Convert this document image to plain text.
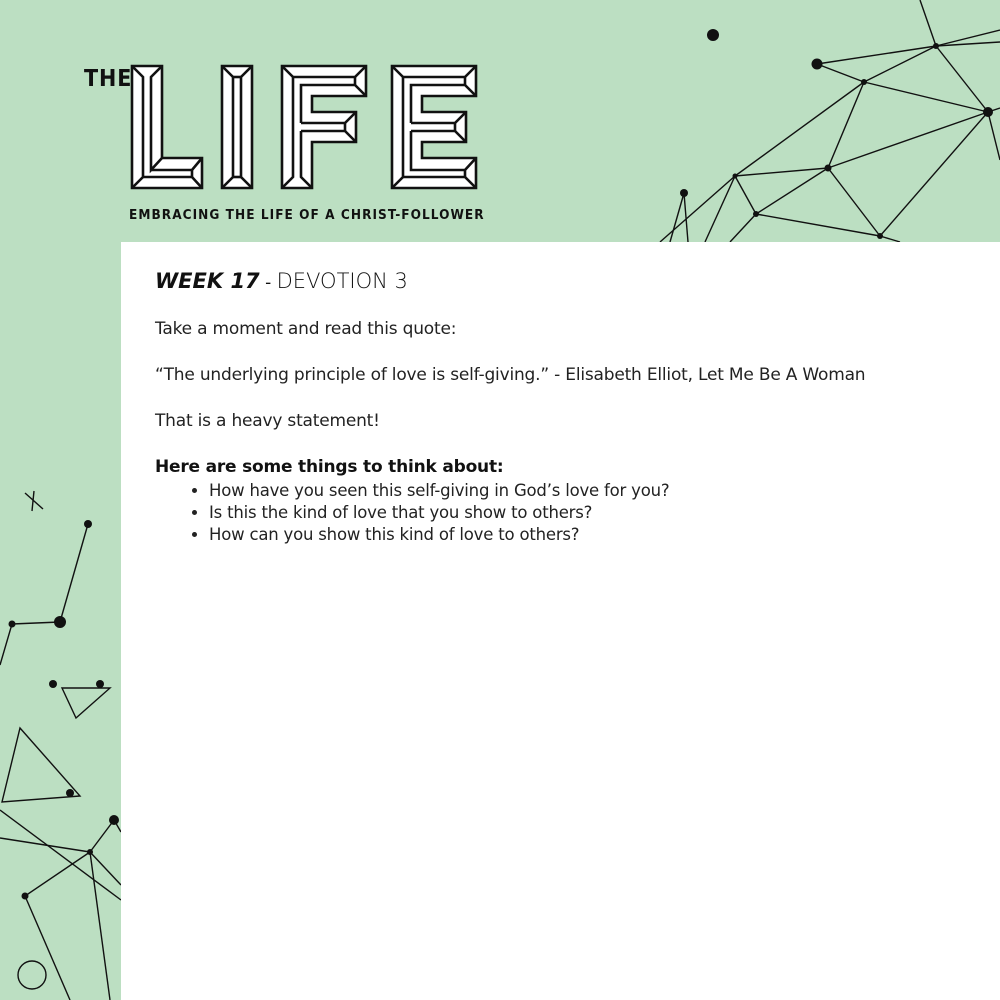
THE
EMBRACING THE LIFE OF A CHRIST-FOLLOWER
WEEK 17 - DEVOTION 3

Take a moment and read this quote:

“The underlying principle of love is self-giving.” - Elisabeth Elliot, Let Me Be A Woman

That is a heavy statement!

Here are some things to think about:

• How have you seen this self-giving in God’s love for you?
• Is this the kind of love that you show to others?
• How can you show this kind of love to others?
